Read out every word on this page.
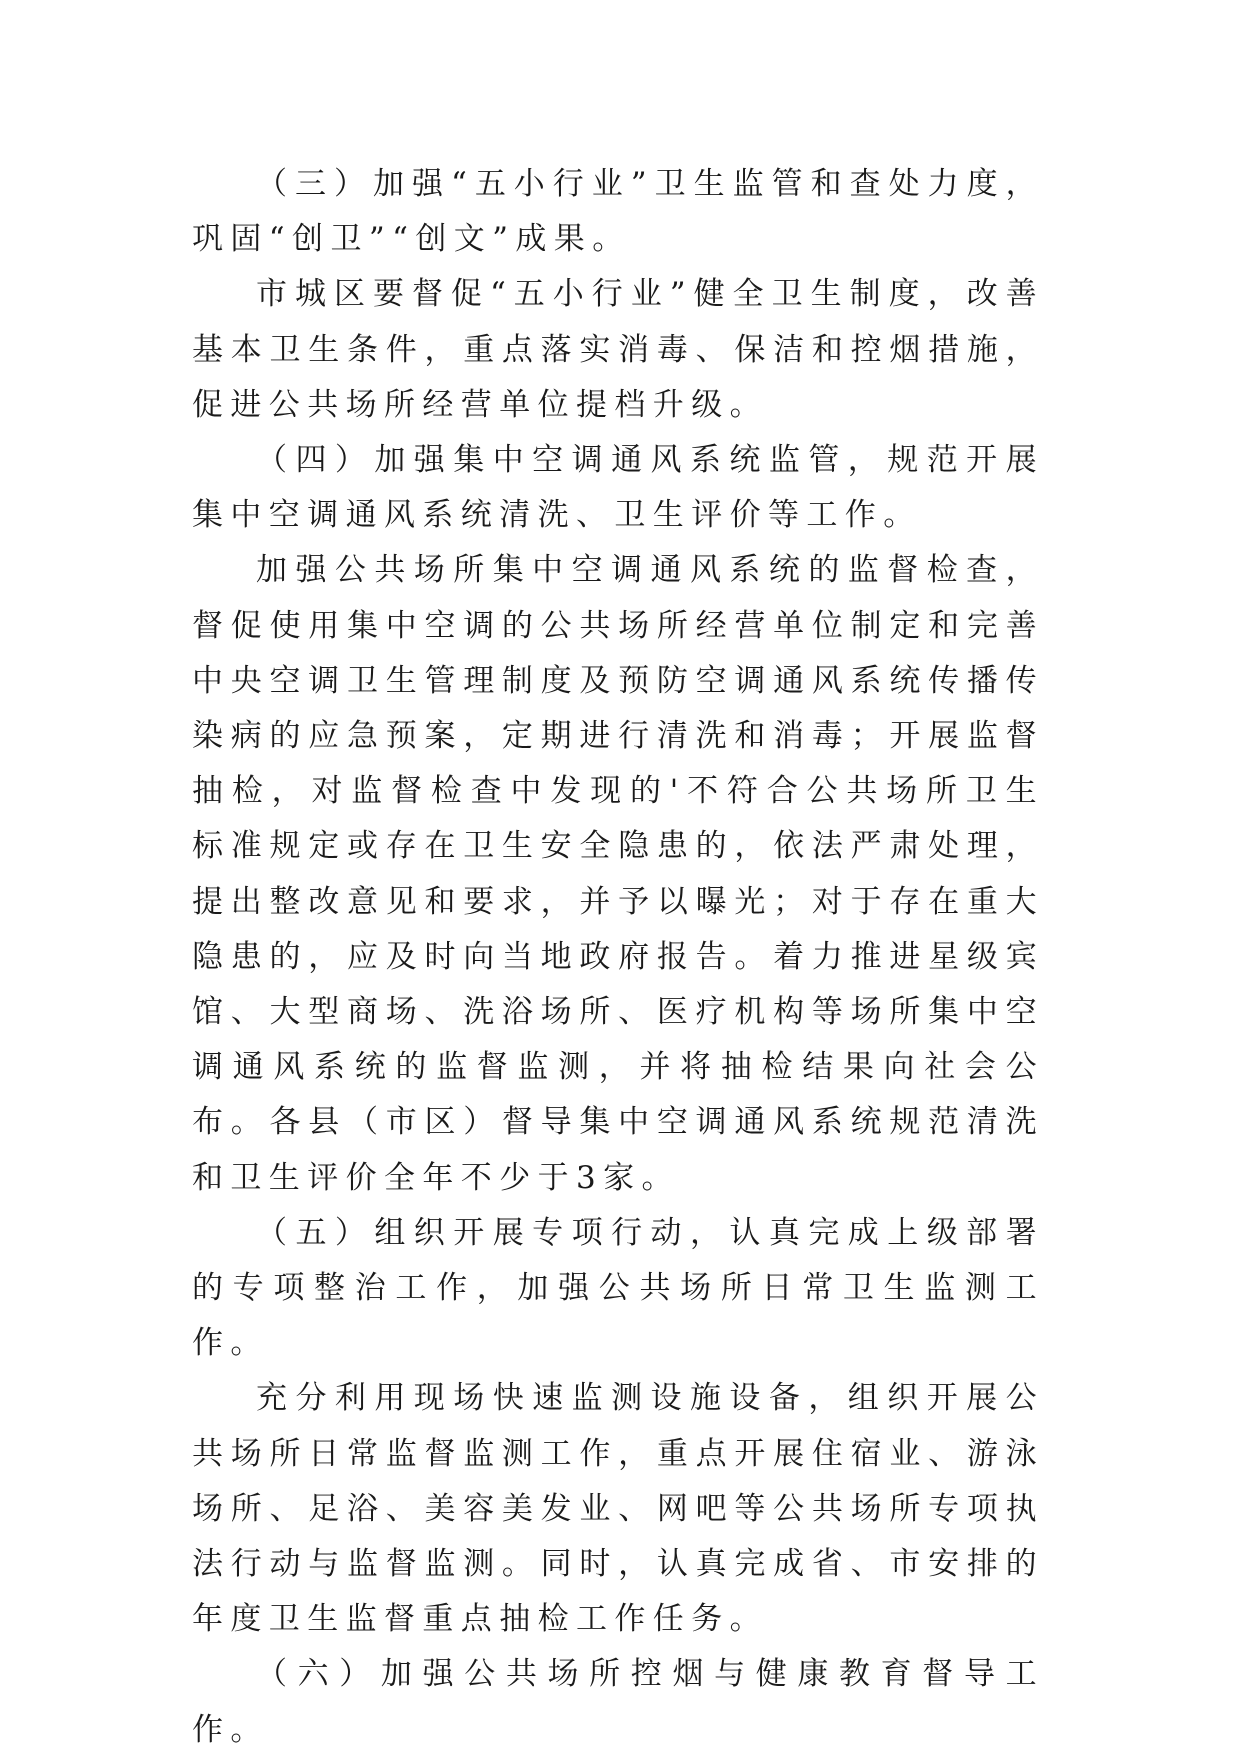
（三）加强“五小行业”卫生监管和查处力度，巩固“创卫”“创文”成果。

市城区要督促“五小行业”健全卫生制度，改善基本卫生条件，重点落实消毒、保洁和控烟措施，促进公共场所经营单位提档升级。

（四）加强集中空调通风系统监管，规范开展集中空调通风系统清洗、卫生评价等工作。

加强公共场所集中空调通风系统的监督检查，督促使用集中空调的公共场所经营单位制定和完善中央空调卫生管理制度及预防空调通风系统传播传染病的应急预案，定期进行清洗和消毒；开展监督抽检，对监督检查中发现的'不符合公共场所卫生标准规定或存在卫生安全隐患的，依法严肃处理，提出整改意见和要求，并予以曝光；对于存在重大隐患的，应及时向当地政府报告。着力推进星级宾馆、大型商场、洗浴场所、医疗机构等场所集中空调通风系统的监督监测，并将抽检结果向社会公布。各县（市区）督导集中空调通风系统规范清洗和卫生评价全年不少于3家。

（五）组织开展专项行动，认真完成上级部署的专项整治工作，加强公共场所日常卫生监测工作。

充分利用现场快速监测设施设备，组织开展公共场所日常监督监测工作，重点开展住宿业、游泳场所、足浴、美容美发业、网吧等公共场所专项执法行动与监督监测。同时，认真完成省、市安排的年度卫生监督重点抽检工作任务。

（六）加强公共场所控烟与健康教育督导工作。
